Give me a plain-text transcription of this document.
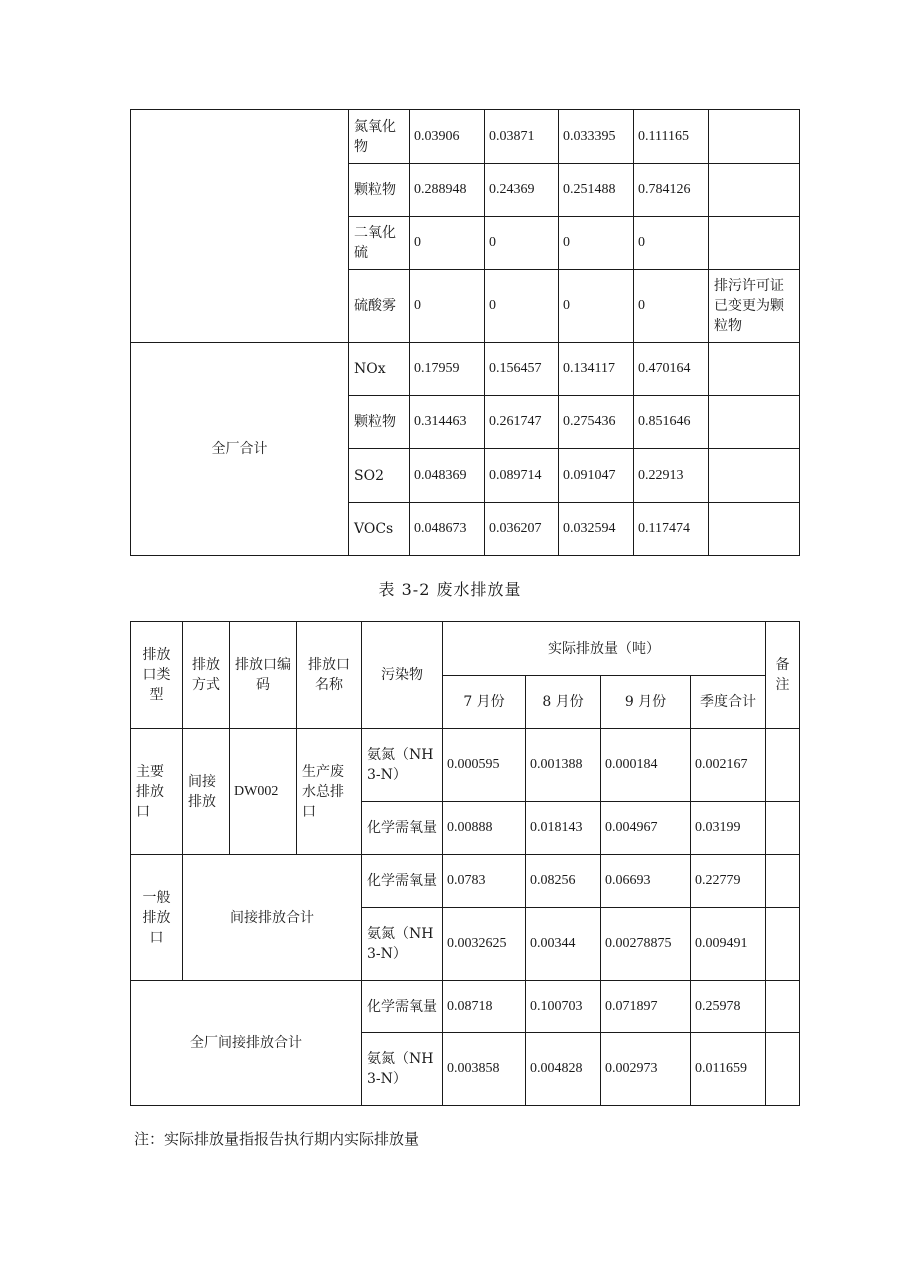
	氮氧化物	0.03906	0.03871	0.033395	0.111165	
	颗粒物	0.288948	0.24369	0.251488	0.784126	
	二氧化硫	0	0	0	0	
	硫酸雾	0	0	0	0	排污许可证已变更为颗粒物
全厂合计	NOx	0.17959	0.156457	0.134117	0.470164	
	颗粒物	0.314463	0.261747	0.275436	0.851646	
	SO2	0.048369	0.089714	0.091047	0.22913	
	VOCs	0.048673	0.036207	0.032594	0.117474	
表 3-2 废水排放量
排放口类型	排放方式	排放口编码	排放口名称	污染物	实际排放量（吨）				备注
					7 月份	8 月份	9 月份	季度合计	
主要排放口	间接排放	DW002	生产废水总排口	氨氮（NH3-N）	0.000595	0.001388	0.000184	0.002167	
				化学需氧量	0.00888	0.018143	0.004967	0.03199	
一般排放口	间接排放合计			化学需氧量	0.0783	0.08256	0.06693	0.22779	
				氨氮（NH3-N）	0.0032625	0.00344	0.00278875	0.009491	
全厂间接排放合计				化学需氧量	0.08718	0.100703	0.071897	0.25978	
				氨氮（NH3-N）	0.003858	0.004828	0.002973	0.011659	
注：实际排放量指报告执行期内实际排放量
